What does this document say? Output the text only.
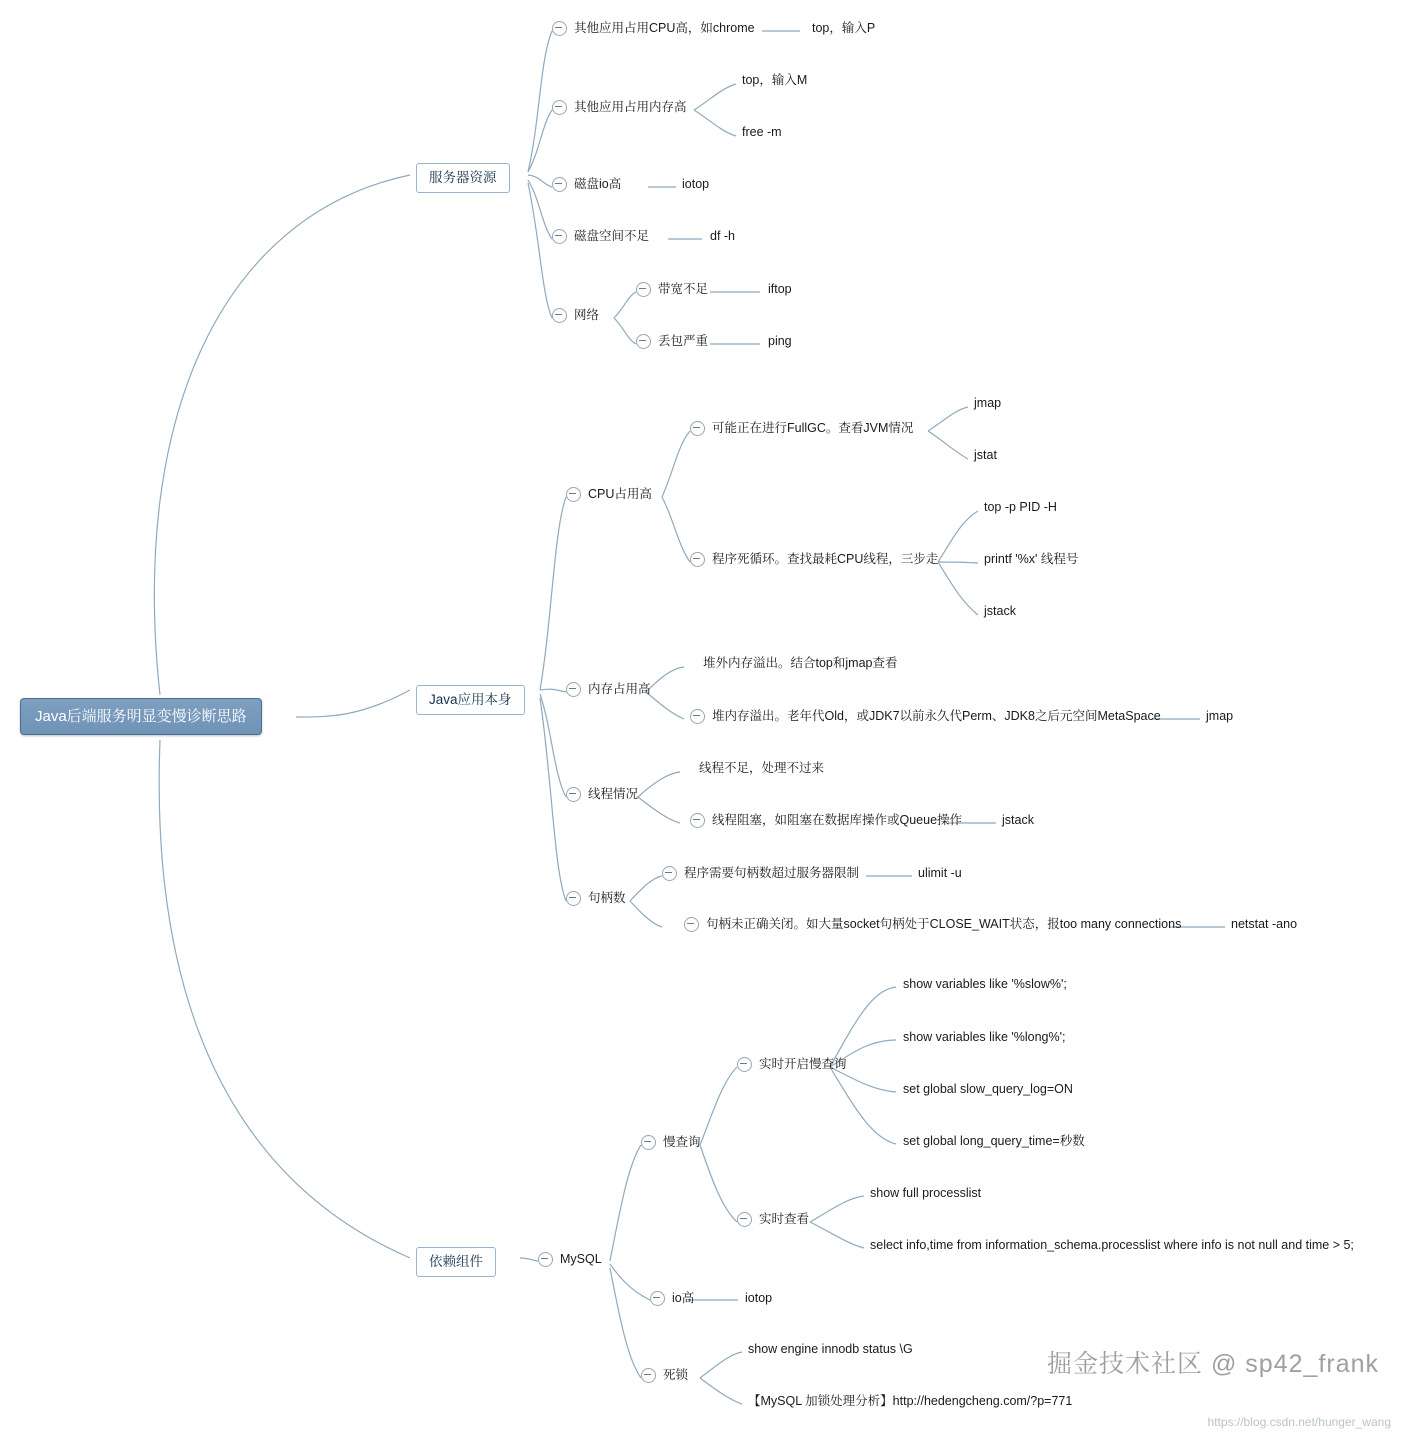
Java后端服务明显变慢诊断思路
服务器资源
其他应用占用CPU高，如chrome	top，输入P
其他应用占用内存高
top，输入M
free -m
磁盘io高	iotop
磁盘空间不足	df -h
网络
带宽不足	iftop
丢包严重	ping
Java应用本身
CPU占用高
可能正在进行FullGC。查看JVM情况
jmap
jstat
程序死循环。查找最耗CPU线程，三步走
top -p PID -H
printf '%x' 线程号
jstack
内存占用高
堆外内存溢出。结合top和jmap查看
堆内存溢出。老年代Old，或JDK7以前永久代Perm、JDK8之后元空间MetaSpace	jmap
线程情况
线程不足，处理不过来
线程阻塞，如阻塞在数据库操作或Queue操作	jstack
句柄数
程序需要句柄数超过服务器限制	ulimit -u
句柄未正确关闭。如大量socket句柄处于CLOSE_WAIT状态，报too many connections	netstat -ano
依赖组件	MySQL
慢查询
实时开启慢查询
show variables like '%slow%';
show variables like '%long%';
set global slow_query_log=ON
set global long_query_time=秒数
实时查看
show full processlist
select info,time from information_schema.processlist where info is not null and time > 5;
io高	iotop
死锁
show engine innodb status \G
【MySQL 加锁处理分析】http://hedengcheng.com/?p=771
掘金技术社区 @ sp42_frank
https://blog.csdn.net/hunger_wang
